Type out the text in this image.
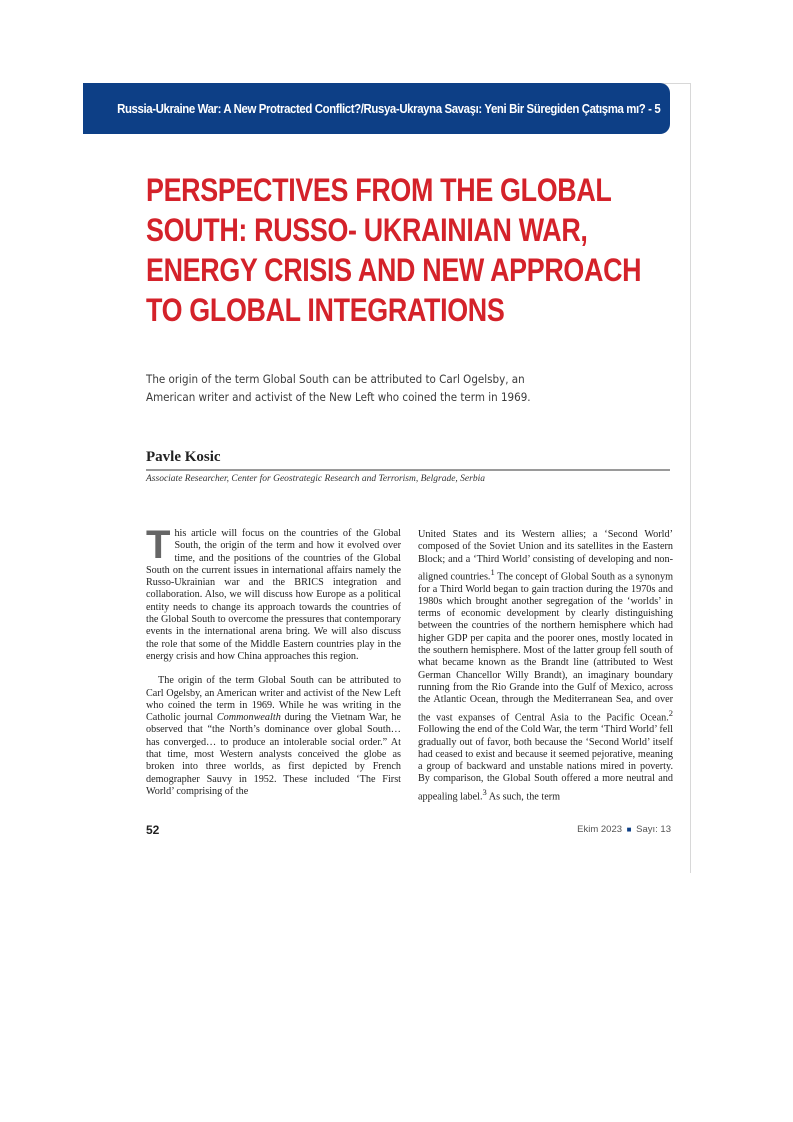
Russia-Ukraine War: A New Protracted Conflict?/Rusya-Ukrayna Savaşı: Yeni Bir Süregiden Çatışma mı? - 5
PERSPECTIVES FROM THE GLOBAL SOUTH: RUSSO- UKRAINIAN WAR, ENERGY CRISIS AND NEW APPROACH TO GLOBAL INTEGRATIONS

The origin of the term Global South can be attributed to Carl Ogelsby, an American writer and activist of the New Left who coined the term in 1969.

Pavle Kosic

Associate Researcher, Center for Geostrategic Research and Terrorism, Belgrade, Serbia

This article will focus on the countries of the Global South, the origin of the term and how it evolved over time, and the positions of the countries of the Global South on the current issues in international affairs namely the Russo-Ukrainian war and the BRICS integration and collaboration. Also, we will discuss how Europe as a political entity needs to change its approach towards the countries of the Global South to overcome the pressures that contemporary events in the international arena bring. We will also discuss the role that some of the Middle Eastern countries play in the energy crisis and how China approaches this region.

The origin of the term Global South can be attributed to Carl Ogelsby, an American writer and activist of the New Left who coined the term in 1969. While he was writing in the Catholic journal Commonwealth during the Vietnam War, he observed that “the North’s dominance over global South… has converged… to produce an intolerable social order.” At that time, most Western analysts conceived the globe as broken into three worlds, as first depicted by French demographer Sauvy in 1952. These included ‘The First World’ comprising of the

United States and its Western allies; a ‘Second World’ composed of the Soviet Union and its satellites in the Eastern Block; and a ‘Third World’ consisting of developing and non-aligned countries.$^1$ The concept of Global South as a synonym for a Third World began to gain traction during the 1970s and 1980s which brought another segregation of the ‘worlds’ in terms of economic development by clearly distinguishing between the countries of the northern hemisphere which had higher GDP per capita and the poorer ones, mostly located in the southern hemisphere. Most of the latter group fell south of what became known as the Brandt line (attributed to West German Chancellor Willy Brandt), an imaginary boundary running from the Rio Grande into the Gulf of Mexico, across the Atlantic Ocean, through the Mediterranean Sea, and over the vast expanses of Central Asia to the Pacific Ocean.$^2$ Following the end of the Cold War, the term ‘Third World’ fell gradually out of favor, both because the ‘Second World’ itself had ceased to exist and because it seemed pejorative, meaning a group of backward and unstable nations mired in poverty. By comparison, the Global South offered a more neutral and appealing label.$^3$ As such, the term

52	Ekim 2023 ■ Sayı: 13
